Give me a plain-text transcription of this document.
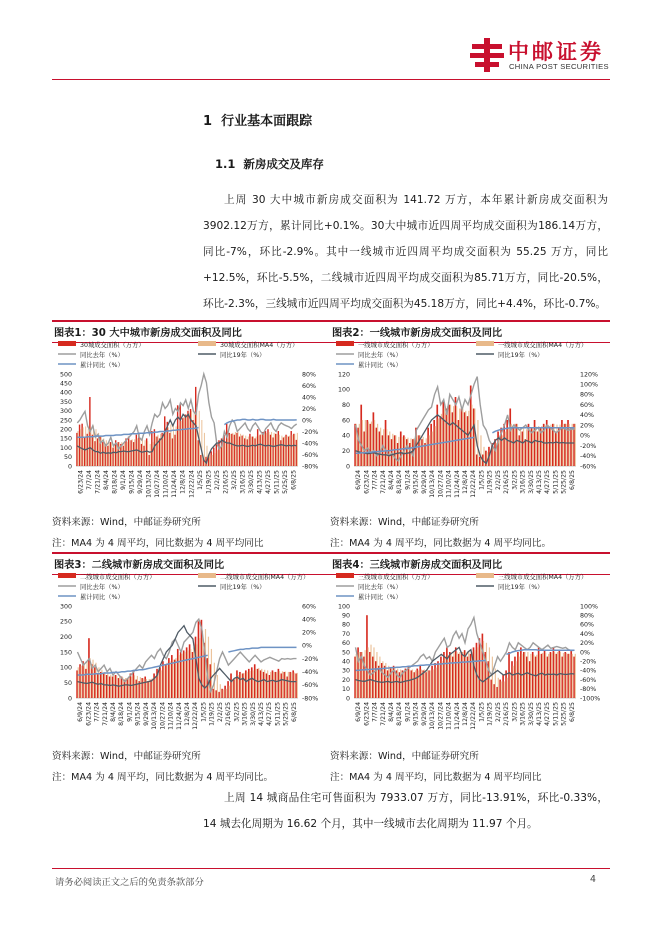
中邮证券
CHINA POST SECURITIES
1 行业基本面跟踪
1.1 新房成交及库存

上周 30 大中城市新房成交面积为 141.72 万方，本年累计新房成交面积为

3902.12万方，累计同比+0.1%。30大中城市近四周平均成交面积为186.14万方，

同比-7%，环比-2.9%。其中一线城市近四周平均成交面积为 55.25 万方，同比

+12.5%，环比-5.5%，二线城市近四周平均成交面积为85.71万方，同比-20.5%，

环比-2.3%，三线城市近四周平均成交面积为45.18万方，同比+4.4%，环比-0.7%。

图表1：30 大中城市新房成交面积及同比
30城成交面积（万方）	30城成交面积MA4（万方）
同比去年（%）	同比19年（%）
累计同比（%）
500
450
400
350
300
250
200
150
100
50
0
80%
60%
40%
20%
0%
-20%
-40%
-60%
-80%
6/23/24 7/7/24 7/21/24 8/4/24 8/18/24 9/1/24 9/15/24 9/29/24 10/13/24 10/27/24 11/10/24 11/24/24 12/8/24 12/22/24 1/5/25 1/19/25 2/2/25 2/16/25 3/2/25 3/16/25 3/30/25 4/13/25 4/27/25 5/11/25 5/25/25 6/8/25
资料来源：Wind，中邮证券研究所
注：MA4 为 4 周平均，同比数据为 4 周平均同比
图表2：一线城市新房成交面积及同比
一线城市成交面积（万方）	一线城市成交面积MA4（万方）
同比去年（%）	同比19年（%）
累计同比（%）
120
100
80
60
40
20
0
120%
100%
80%
60%
40%
20%
0%
-20%
-40%
-60%
6/9/24 6/23/24 7/7/24 7/21/24 8/4/24 8/18/24 9/1/24 9/15/24 9/29/24 10/13/24 10/27/24 11/10/24 11/24/24 12/8/24 12/22/24 1/5/25 1/19/25 2/2/25 2/16/25 3/2/25 3/16/25 3/30/25 4/13/25 4/27/25 5/11/25 5/25/25 6/8/25
资料来源：Wind，中邮证券研究所
注：MA4 为 4 周平均，同比数据为 4 周平均同比。
图表3：二线城市新房成交面积及同比
二线城市成交面积（万方）	二线城市成交面积MA4（万方）
同比去年（%）	同比19年（%）
累计同比（%）
300
250
200
150
100
50
0
60%
40%
20%
0%
-20%
-40%
-60%
-80%
6/9/24 6/23/24 7/7/24 7/21/24 8/4/24 8/18/24 9/1/24 9/15/24 9/29/24 10/13/24 10/27/24 11/10/24 11/24/24 12/8/24 12/22/24 1/5/25 1/19/25 2/2/25 2/16/25 3/2/25 3/16/25 3/30/25 4/13/25 4/27/25 5/11/25 5/25/25 6/8/25
资料来源：Wind，中邮证券研究所
注：MA4 为 4 周平均，同比数据为 4 周平均同比。
图表4：三线城市新房成交面积及同比
三线城市成交面积（万方）	三线城市成交面积MA4（万方）
同比去年（%）	同比19年（%）
累计同比（%）
100
90
80
70
60
50
40
30
20
10
0
100%
80%
60%
40%
20%
0%
-20%
-40%
-60%
-80%
-100%
6/9/24 6/23/24 7/7/24 7/21/24 8/4/24 8/18/24 9/1/24 9/15/24 9/29/24 10/13/24 10/27/24 11/10/24 11/24/24 12/8/24 12/22/24 1/5/25 1/19/25 2/2/25 2/16/25 3/2/25 3/16/25 3/30/25 4/13/25 4/27/25 5/11/25 5/25/25 6/8/25
资料来源：Wind，中邮证券研究所
注：MA4 为 4 周平均，同比数据为 4 周平均同比

上周 14 城商品住宅可售面积为 7933.07 万方，同比-13.91%，环比-0.33%，

14 城去化周期为 16.62 个月，其中一线城市去化周期为 11.97 个月。

请务必阅读正文之后的免责条款部分	4
